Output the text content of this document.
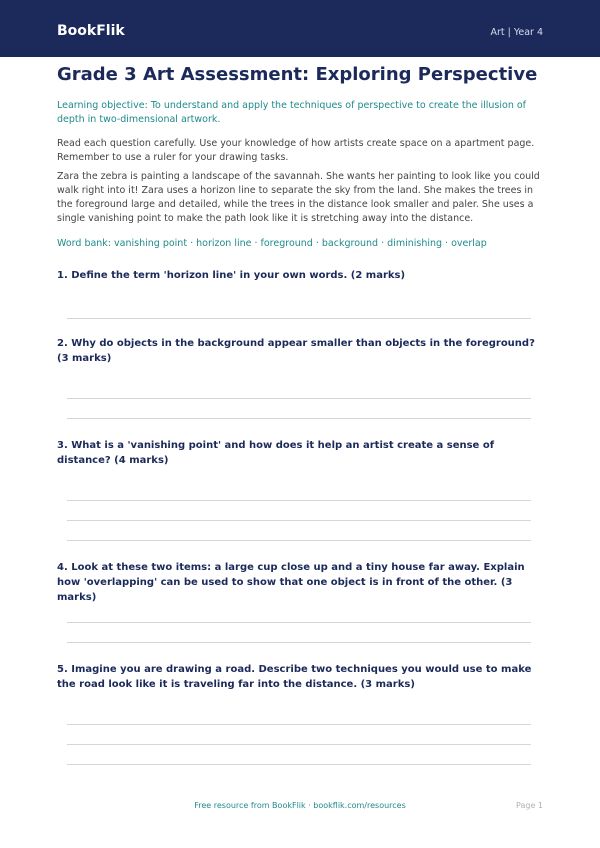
BookFlik	Art | Year 4
Grade 3 Art Assessment: Exploring Perspective
Learning objective: To understand and apply the techniques of perspective to create the illusion of depth in two-dimensional artwork.
Read each question carefully. Use your knowledge of how artists create space on a apartment page. Remember to use a ruler for your drawing tasks.
Zara the zebra is painting a landscape of the savannah. She wants her painting to look like you could walk right into it! Zara uses a horizon line to separate the sky from the land. She makes the trees in the foreground large and detailed, while the trees in the distance look smaller and paler. She uses a single vanishing point to make the path look like it is stretching away into the distance.
Word bank: vanishing point · horizon line · foreground · background · diminishing · overlap
1. Define the term 'horizon line' in your own words. (2 marks)
2. Why do objects in the background appear smaller than objects in the foreground? (3 marks)
3. What is a 'vanishing point' and how does it help an artist create a sense of distance? (4 marks)
4. Look at these two items: a large cup close up and a tiny house far away. Explain how 'overlapping' can be used to show that one object is in front of the other. (3 marks)
5. Imagine you are drawing a road. Describe two techniques you would use to make the road look like it is traveling far into the distance. (3 marks)
Free resource from BookFlik · bookflik.com/resources	Page 1
